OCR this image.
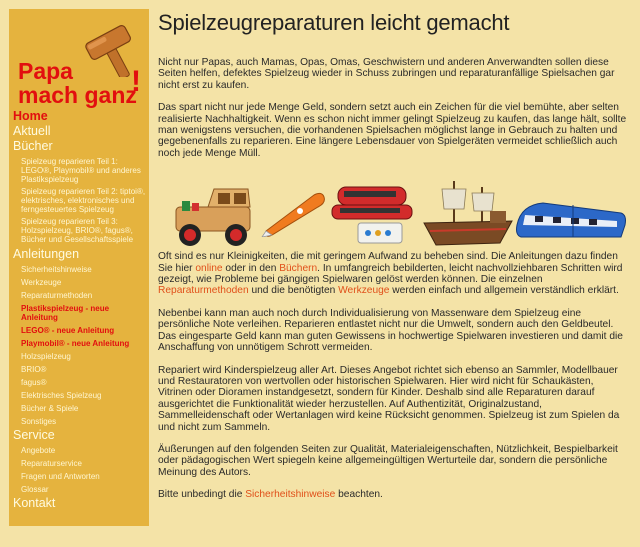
Papa
mach ganz
!
Home
Aktuell
Bücher
Spielzeug reparieren Teil 1: LEGO®, Playmobil® und anderes Plastikspielzeug
Spielzeug reparieren Teil 2: tiptoi®, elektrisches, elektronisches und ferngesteuertes Spielzeug
Spielzeug reparieren Teil 3: Holzspielzeug, BRIO®, fagus®, Bücher und Gesellschaftsspiele
Anleitungen
Sicherheitshinweise
Werkzeuge
Reparaturmethoden
Plastikspielzeug - neue Anleitung
LEGO® - neue Anleitung
Playmobil® - neue Anleitung
Holzspielzeug
BRIO®
fagus®
Elektrisches Spielzeug
Bücher & Spiele
Sonstiges
Service
Angebote
Reparaturservice
Fragen und Antworten
Glossar
Kontakt
Spielzeugreparaturen leicht gemacht

Nicht nur Papas, auch Mamas, Opas, Omas, Geschwistern und anderen Anverwandten sollen diese Seiten helfen, defektes Spielzeug wieder in Schuss zubringen und reparaturanfällige Spielsachen gar nicht erst zu kaufen.

Das spart nicht nur jede Menge Geld, sondern setzt auch ein Zeichen für die viel bemühte, aber selten realisierte Nachhaltigkeit. Wenn es schon nicht immer gelingt Spielzeug zu kaufen, das lange hält, sollte man wenigstens versuchen, die vorhandenen Spielsachen möglichst lange in Gebrauch zu halten und gegebenenfalls zu reparieren. Eine längere Lebensdauer von Spielgeräten vermeidet schließlich auch noch jede Menge Müll.

Oft sind es nur Kleinigkeiten, die mit geringem Aufwand zu beheben sind. Die Anleitungen dazu finden Sie hier online oder in den Büchern. In umfangreich bebilderten, leicht nachvollziehbaren Schritten wird gezeigt, wie Probleme bei gängigen Spielwaren gelöst werden können. Die einzelnen Reparaturmethoden und die benötigten Werkzeuge werden einfach und allgemein verständlich erklärt.

Nebenbei kann man auch noch durch Individualisierung von Massenware dem Spielzeug eine persönliche Note verleihen. Reparieren entlastet nicht nur die Umwelt, sondern auch den Geldbeutel. Das eingesparte Geld kann man guten Gewissens in hochwertige Spielwaren investieren und damit die Anschaffung von unnötigem Schrott vermeiden.

Repariert wird Kinderspielzeug aller Art. Dieses Angebot richtet sich ebenso an Sammler, Modellbauer und Restauratoren von wertvollen oder historischen Spielwaren. Hier wird nicht für Schaukästen, Vitrinen oder Dioramen instandgesetzt, sondern für Kinder. Deshalb sind alle Reparaturen darauf ausgerichtet die Funktionalität wieder herzustellen. Auf Authentizität, Originalzustand, Sammelleidenschaft oder Wertanlagen wird keine Rücksicht genommen. Spielzeug ist zum Spielen da und nicht zum Sammeln.

Äußerungen auf den folgenden Seiten zur Qualität, Materialeigenschaften, Nützlichkeit, Bespielbarkeit oder pädagogischen Wert spiegeln keine allgemeingültigen Werturteile dar, sondern die persönliche Meinung des Autors.

Bitte unbedingt die Sicherheitshinweise beachten.
